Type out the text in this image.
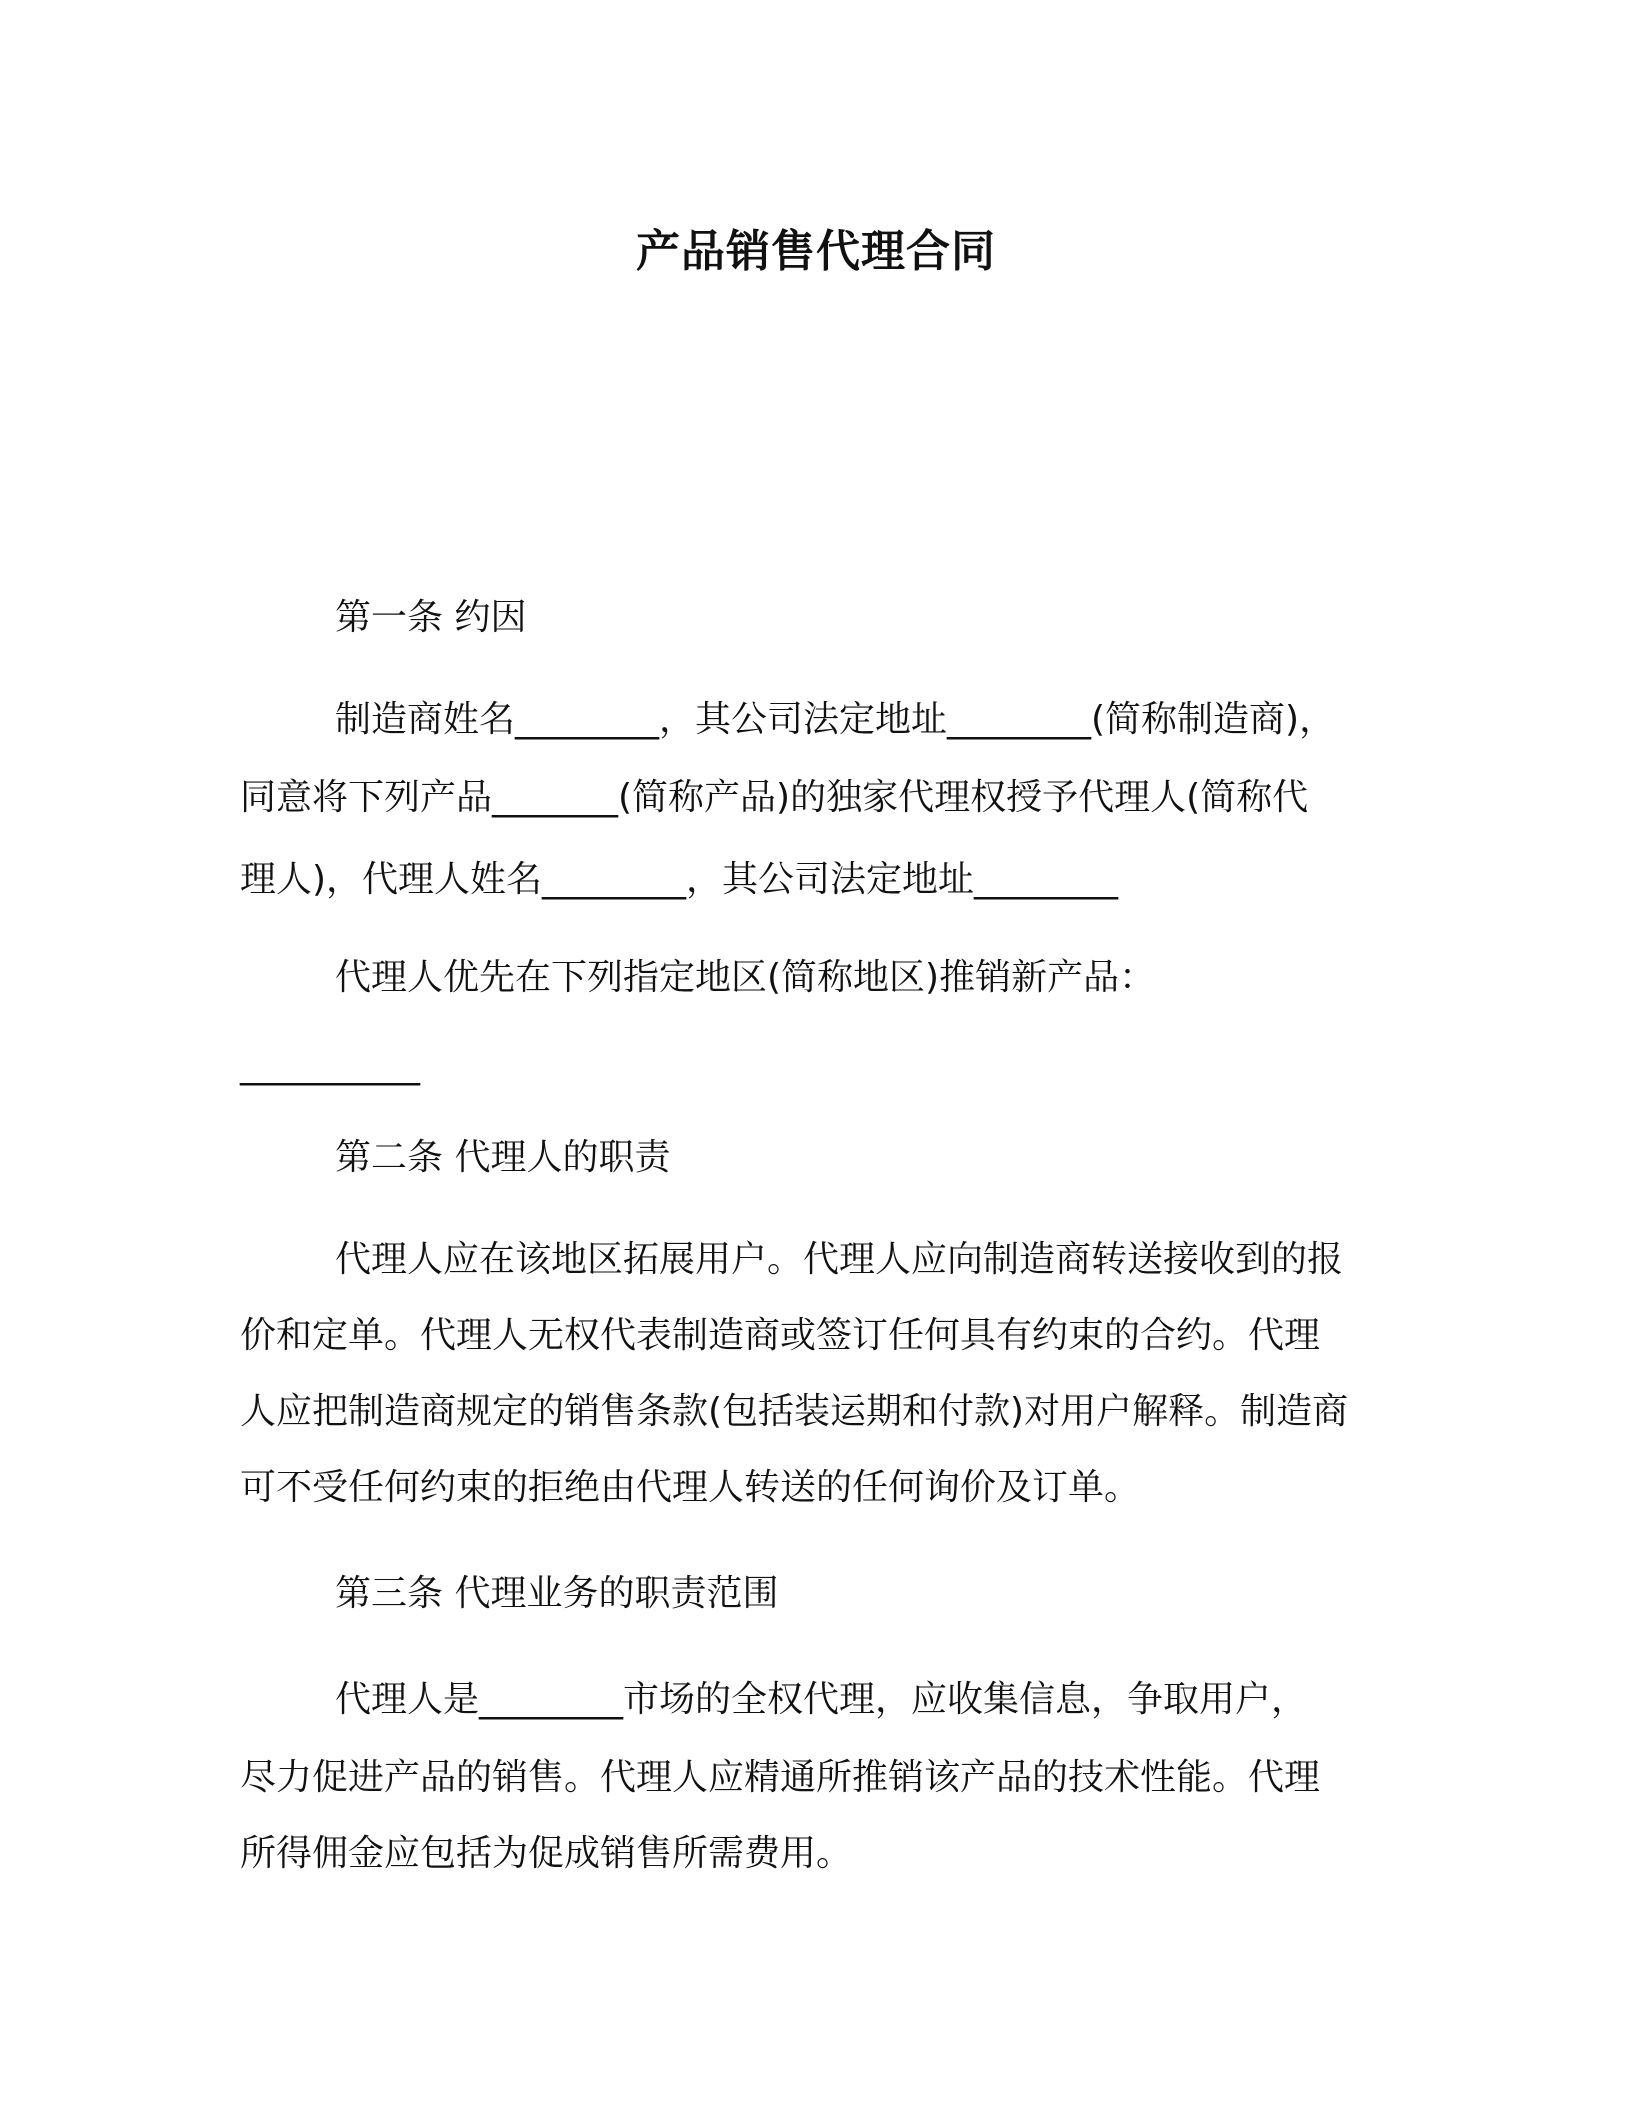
产品销售代理合同
第一条 约因
制造商姓名________，其公司法定地址________(简称制造商)，
同意将下列产品_______(简称产品)的独家代理权授予代理人(简称代
理人)，代理人姓名________，其公司法定地址________
代理人优先在下列指定地区(简称地区)推销新产品：
__________
第二条 代理人的职责
代理人应在该地区拓展用户。代理人应向制造商转送接收到的报
价和定单。代理人无权代表制造商或签订任何具有约束的合约。代理
人应把制造商规定的销售条款(包括装运期和付款)对用户解释。制造商
可不受任何约束的拒绝由代理人转送的任何询价及订单。
第三条 代理业务的职责范围
代理人是________市场的全权代理，应收集信息，争取用户，
尽力促进产品的销售。代理人应精通所推销该产品的技术性能。代理
所得佣金应包括为促成销售所需费用。
